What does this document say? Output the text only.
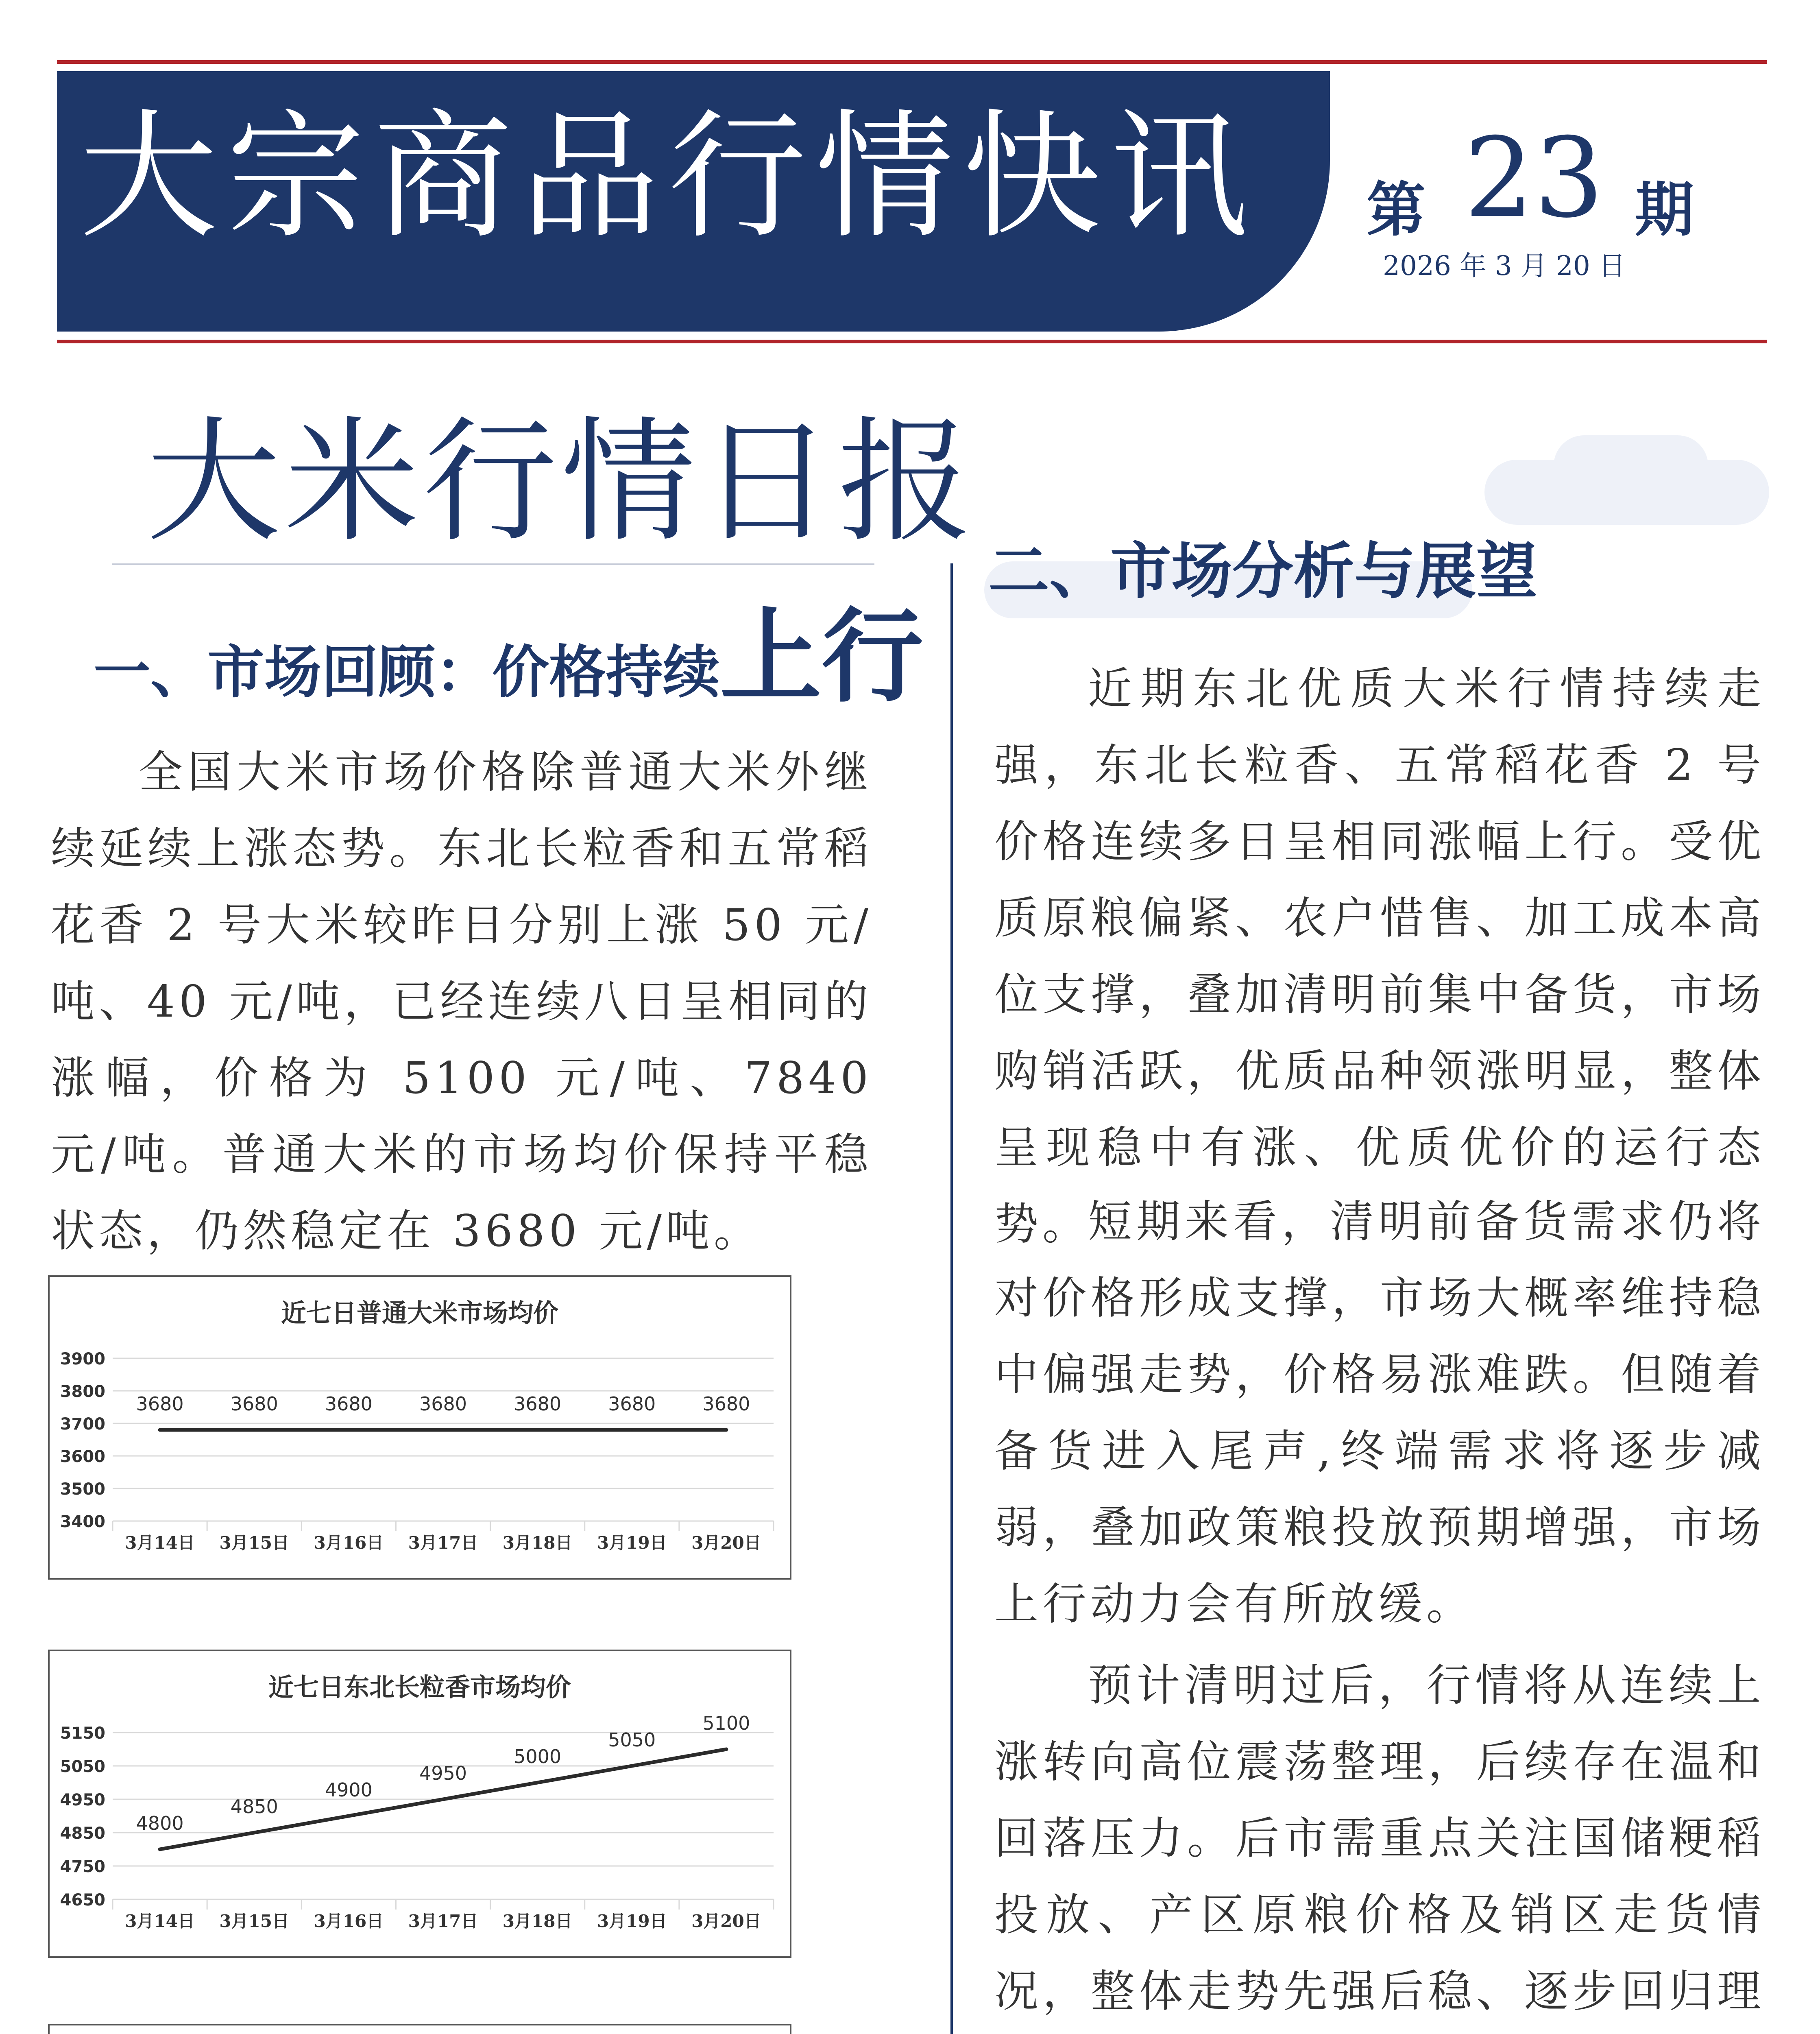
大宗商品行情快讯 第 23 期
2026 年 3 月 20 日
大米行情日报
一、市场回顾：价格持续上行
全国大米市场价格除普通大米外继续延续上涨态势。东北长粒香和五常稻花香 2 号大米较昨日分别上涨 50 元/吨、40 元/吨，已经连续八日呈相同的涨幅，价格为 5100 元/吨、7840 元/吨。普通大米的市场均价保持平稳状态，仍然稳定在 3680 元/吨。
近七日普通大米市场均价
3400
3500
3600
3700
3800
3900
3月14日 3月15日 3月16日 3月17日 3月18日 3月19日 3月20日
3680	3680	3680	3680	3680	3680	3680
近七日东北长粒香市场均价
4650
4750
4850
4950
5050
5150
3月14日 3月15日 3月16日 3月17日 3月18日 3月19日 3月20日
4800
4850
4900
4950
5000
5050
5100
二、市场分析与展望
近期东北优质大米行情持续走强，东北长粒香、五常稻花香 2 号价格连续多日呈相同涨幅上行。受优质原粮偏紧、农户惜售、加工成本高位支撑，叠加清明前集中备货，市场购销活跃，优质品种领涨明显，整体呈现稳中有涨、优质优价的运行态势。
短期来看，清明前备货需求仍将对价格形成支撑，市场大概率维持稳中偏强走势，价格易涨难跌。但随着备货进入尾声,终端需求将逐步减弱，叠加政策粮投放预期增强，市场上行动力会有所放缓。
预计清明过后，行情将从连续上涨转向高位震荡整理，后续存在温和回落压力。后市需重点关注国储粳稻投放、产区原粮价格及销区走货情况，整体走势先强后稳、逐步回归理
